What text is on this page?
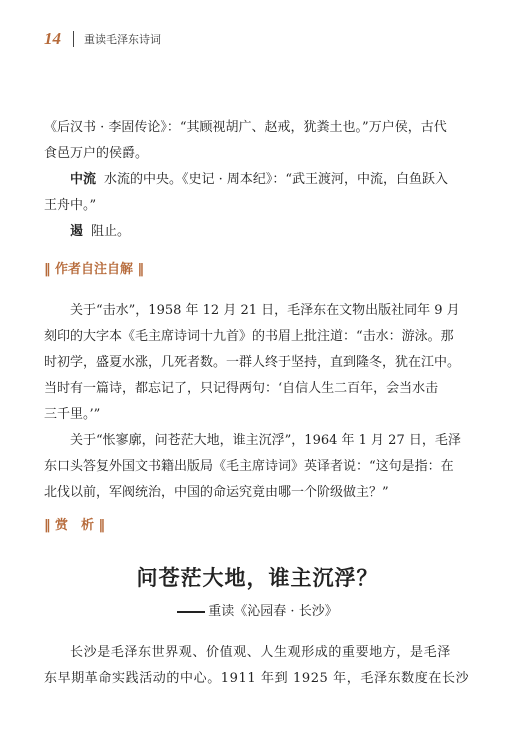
14 重读毛泽东诗词
《后汉书 · 李固传论》：“其顾视胡广、赵戒，犹粪土也。”万户侯，古代
食邑万户的侯爵。
中流 水流的中央。《史记 · 周本纪》：“武王渡河，中流，白鱼跃入
王舟中。”
遏 阻止。
‖ 作者自注自解 ‖
关于“击水”，1958 年 12 月 21 日，毛泽东在文物出版社同年 9 月
刻印的大字本《毛主席诗词十九首》的书眉上批注道：“击水：游泳。那
时初学，盛夏水涨，几死者数。一群人终于坚持，直到隆冬，犹在江中。
当时有一篇诗，都忘记了，只记得两句：‘自信人生二百年，会当水击
三千里。’”
关于“怅寥廓，问苍茫大地，谁主沉浮”，1964 年 1 月 27 日，毛泽
东口头答复外国文书籍出版局《毛主席诗词》英译者说：“这句是指：在
北伐以前，军阀统治，中国的命运究竟由哪一个阶级做主？”
‖ 赏　析 ‖
问苍茫大地，谁主沉浮？
重读《沁园春 · 长沙》
长沙是毛泽东世界观、价值观、人生观形成的重要地方，是毛泽
东早期革命实践活动的中心。1911 年到 1925 年，毛泽东数度在长沙
